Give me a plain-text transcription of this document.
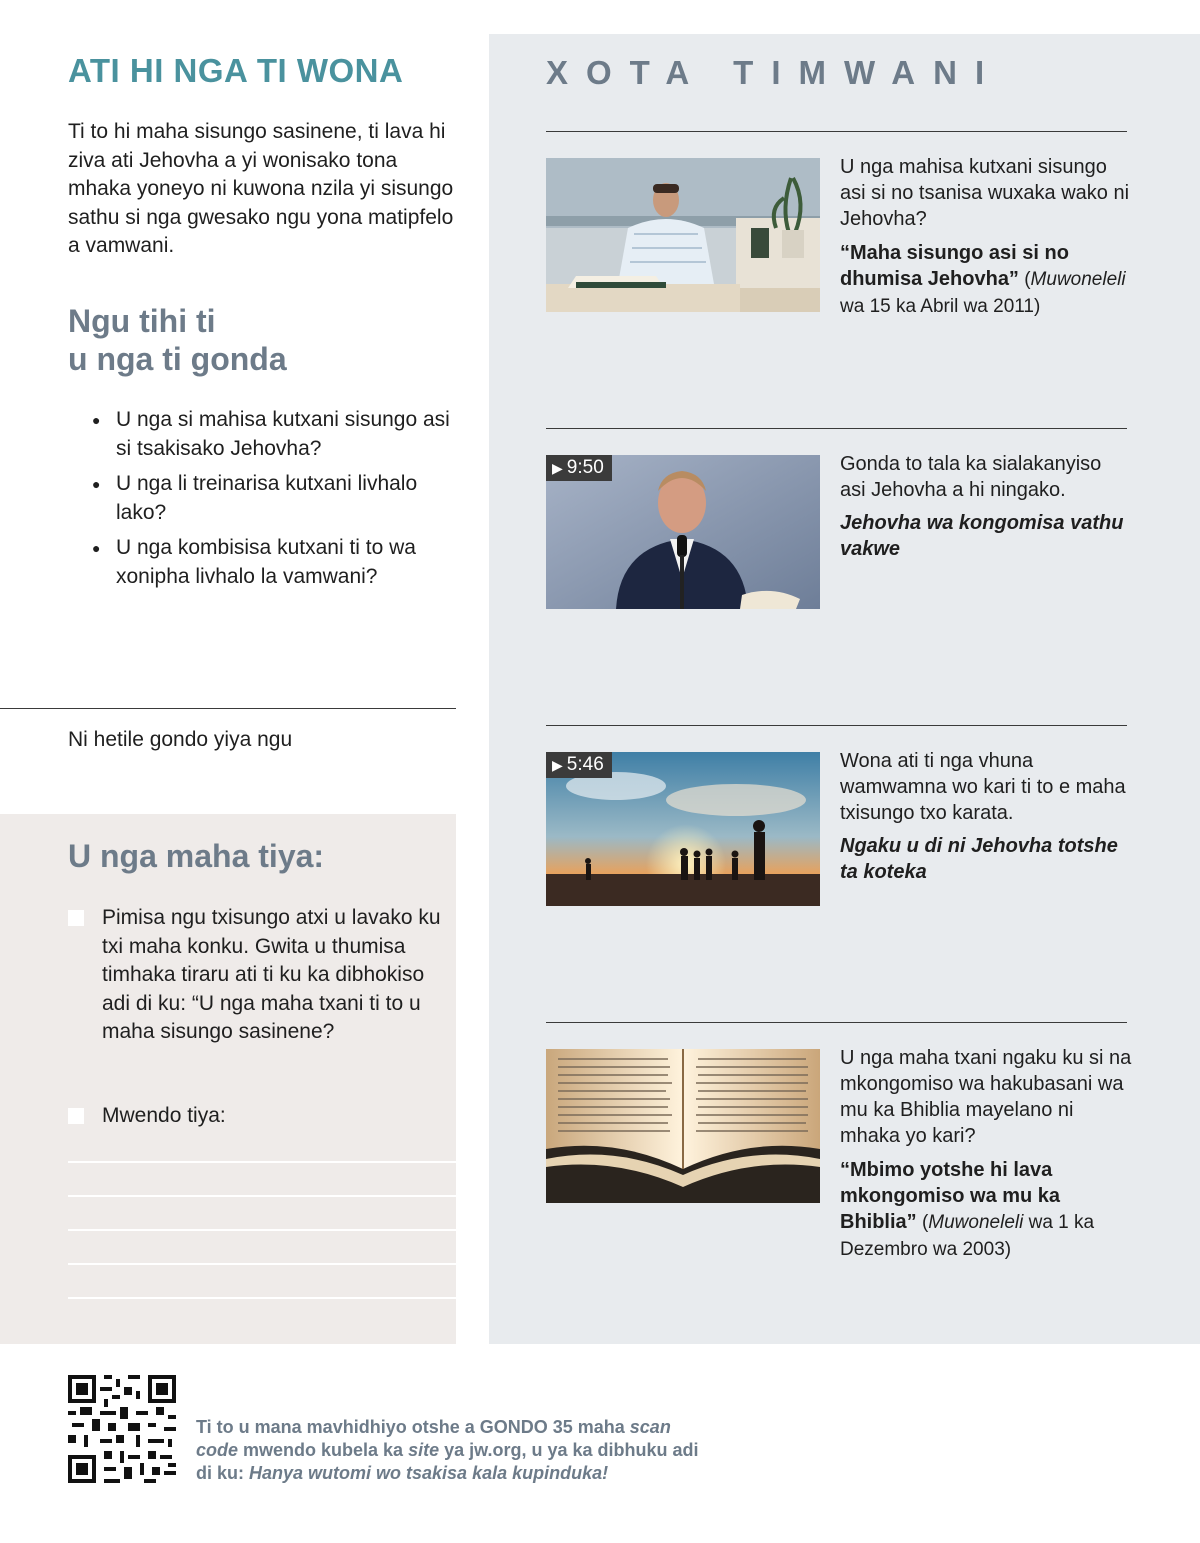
ATI HI NGA TI WONA
Ti to hi maha sisungo sasinene, ti lava hi ziva ati Jehovha a yi wonisako tona mhaka yoneyo ni kuwona nzila yi sisungo sathu si nga gwesako ngu yona matipfelo a vamwani.
Ngu tihi ti
u nga ti gonda
● U nga si mahisa kutxani sisungo asi si tsakisako Jehovha?
● U nga li treinarisa kutxani livhalo lako?
● U nga kombisisa kutxani ti to wa xonipha livhalo la vamwani?
Ni hetile gondo yiya ngu
U nga maha tiya:
Pimisa ngu txisungo atxi u lavako ku txi maha konku. Gwita u thumisa timhaka tiraru ati ti ku ka dibhokiso adi di ku: “U nga maha txani ti to u maha sisungo sasinene?
Mwendo tiya:
XOTA TIMWANI
U nga mahisa kutxani sisungo asi si no tsanisa wuxaka wako ni Jehovha?
“Maha sisungo asi si no dhumisa Jehovha” (Muwoneleli wa 15 ka Abril wa 2011)
▶ 9:50	Gonda to tala ka sialakanyiso asi Jehovha a hi ningako.
Jehovha wa kongomisa vathu vakwe
▶ 5:46	Wona ati ti nga vhuna wamwamna wo kari ti to e maha txisungo txo karata.
Ngaku u di ni Jehovha totshe ta koteka
U nga maha txani ngaku ku si na mkongomiso wa hakubasani wa mu ka Bhiblia mayelano ni mhaka yo kari?
“Mbimo yotshe hi lava mkongomiso wa mu ka Bhiblia” (Muwoneleli wa 1 ka Dezembro wa 2003)
Ti to u mana mavhidhiyo otshe a GONDO 35 maha scan code mwendo kubela ka site ya jw.org, u ya ka dibhuku adi di ku: Hanya wutomi wo tsakisa kala kupinduka!
